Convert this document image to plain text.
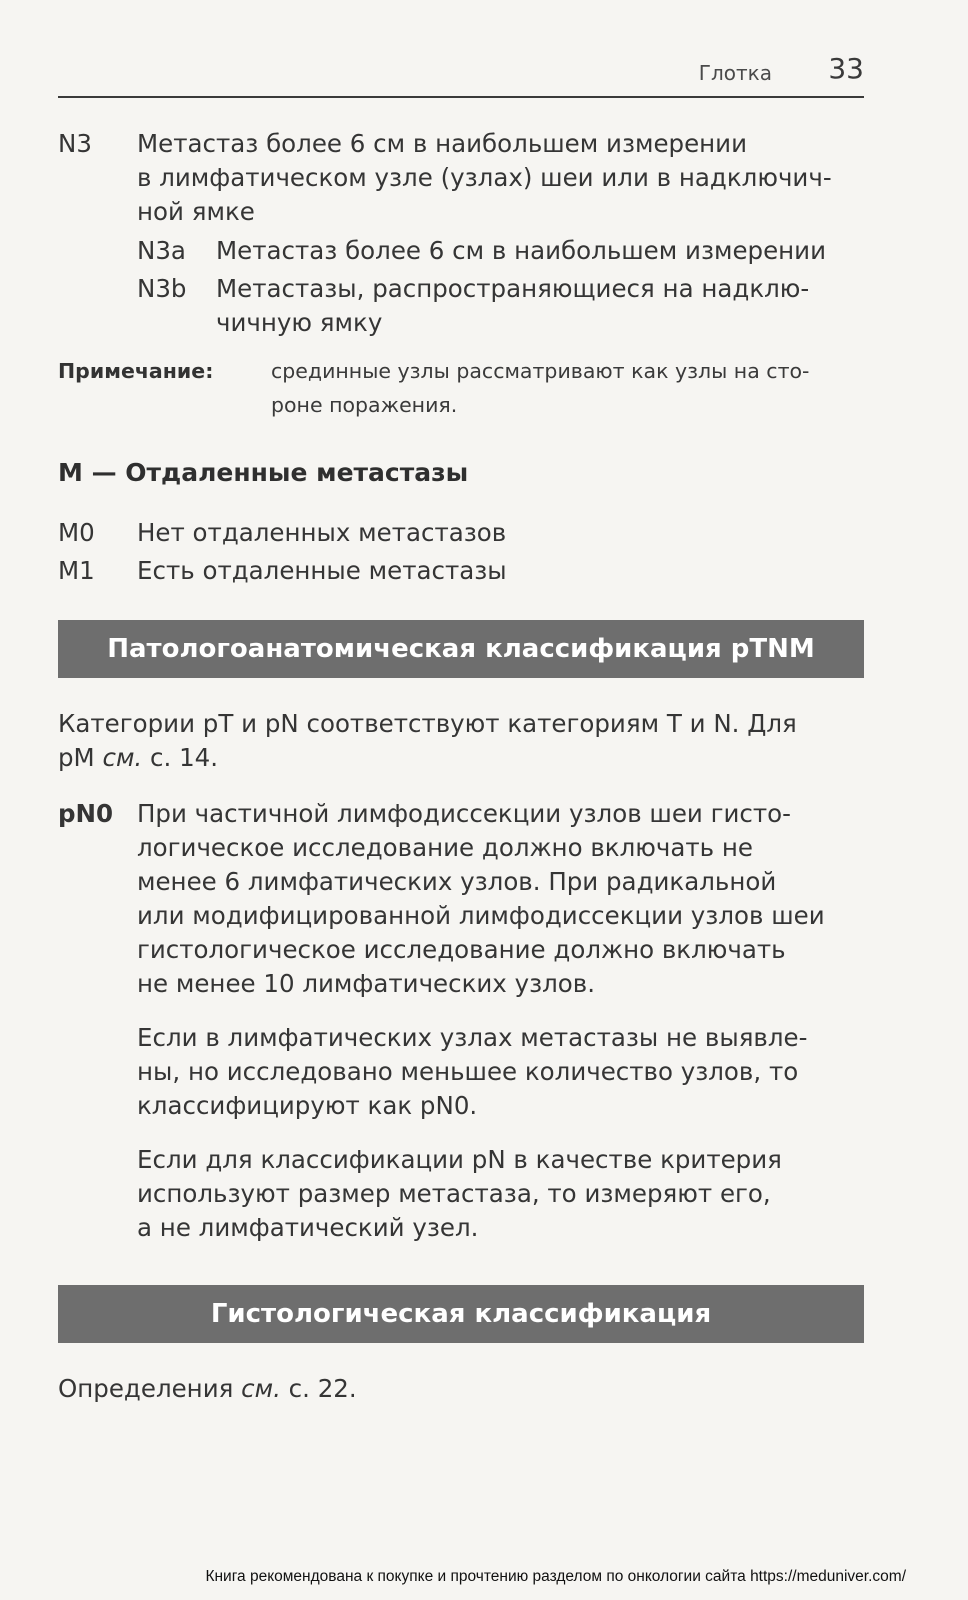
Глотка 33
N3 Метастаз более 6 см в наибольшем измерении
в лимфатическом узле (узлах) шеи или в надключич-
ной ямке
N3a Метастаз более 6 см в наибольшем измерении
N3b Метастазы, распространяющиеся на надклю-
чичную ямку
Примечание:	срединные узлы рассматривают как узлы на сто-
роне поражения.
M — Отдаленные метастазы
M0 Нет отдаленных метастазов
M1 Есть отдаленные метастазы
Патологоанатомическая классификация pTNM
Категории pT и pN соответствуют категориям T и N. Для
pM см. с. 14.
pN0 При частичной лимфодиссекции узлов шеи гисто-
логическое исследование должно включать не
менее 6 лимфатических узлов. При радикальной
или модифицированной лимфодиссекции узлов шеи
гистологическое исследование должно включать
не менее 10 лимфатических узлов.
Если в лимфатических узлах метастазы не выявле-
ны, но исследовано меньшее количество узлов, то
классифицируют как pN0.
Если для классификации pN в качестве критерия
используют размер метастаза, то измеряют его,
а не лимфатический узел.
Гистологическая классификация
Определения см. с. 22.
Книга рекомендована к покупке и прочтению разделом по онкологии сайта https://meduniver.com/
